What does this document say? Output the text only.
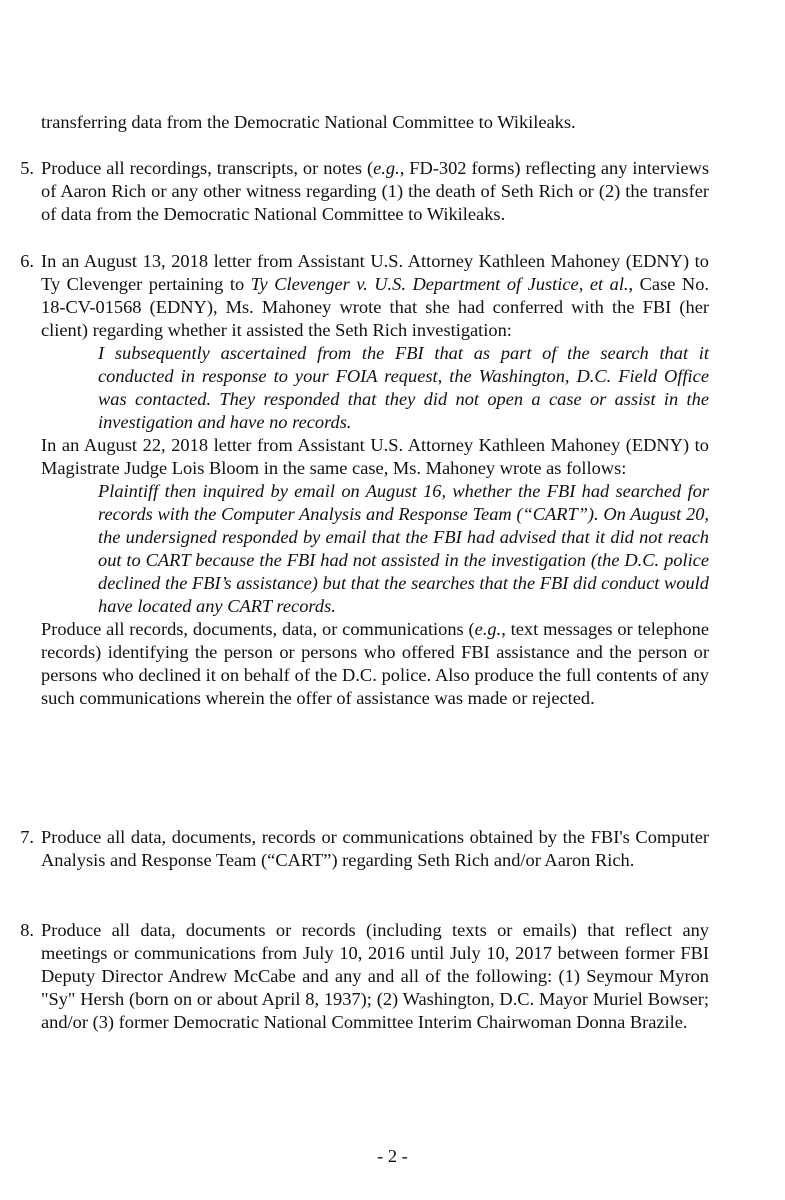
transferring data from the Democratic National Committee to Wikileaks.

5. Produce all recordings, transcripts, or notes (e.g., FD-302 forms) reflecting any interviews of Aaron Rich or any other witness regarding (1) the death of Seth Rich or (2) the transfer of data from the Democratic National Committee to Wikileaks.

6. In an August 13, 2018 letter from Assistant U.S. Attorney Kathleen Mahoney (EDNY) to Ty Clevenger pertaining to Ty Clevenger v. U.S. Department of Justice, et al., Case No. 18-CV-01568 (EDNY), Ms. Mahoney wrote that she had conferred with the FBI (her client) regarding whether it assisted the Seth Rich investigation:

I subsequently ascertained from the FBI that as part of the search that it conducted in response to your FOIA request, the Washington, D.C. Field Office was contacted. They responded that they did not open a case or assist in the investigation and have no records.

In an August 22, 2018 letter from Assistant U.S. Attorney Kathleen Mahoney (EDNY) to Magistrate Judge Lois Bloom in the same case, Ms. Mahoney wrote as follows:

Plaintiff then inquired by email on August 16, whether the FBI had searched for records with the Computer Analysis and Response Team (“CART”). On August 20, the undersigned responded by email that the FBI had advised that it did not reach out to CART because the FBI had not assisted in the investigation (the D.C. police declined the FBI’s assistance) but that the searches that the FBI did conduct would have located any CART records.

Produce all records, documents, data, or communications (e.g., text messages or telephone records) identifying the person or persons who offered FBI assistance and the person or persons who declined it on behalf of the D.C. police. Also produce the full contents of any such communications wherein the offer of assistance was made or rejected.

7. Produce all data, documents, records or communications obtained by the FBI's Computer Analysis and Response Team (“CART”) regarding Seth Rich and/or Aaron Rich.

8. Produce all data, documents or records (including texts or emails) that reflect any meetings or communications from July 10, 2016 until July 10, 2017 between former FBI Deputy Director Andrew McCabe and any and all of the following: (1) Seymour Myron "Sy" Hersh (born on or about April 8, 1937); (2) Washington, D.C. Mayor Muriel Bowser; and/or (3) former Democratic National Committee Interim Chairwoman Donna Brazile.

- 2 -
